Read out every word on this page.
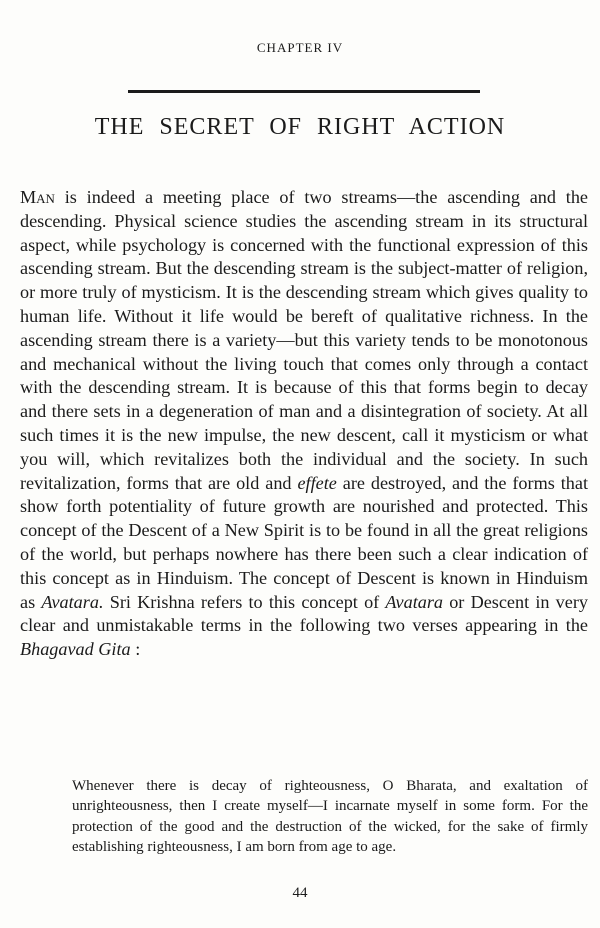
CHAPTER IV
THE SECRET OF RIGHT ACTION
Man is indeed a meeting place of two streams—the ascending and the descending. Physical science studies the ascending stream in its structural aspect, while psychology is concerned with the functional expression of this ascending stream. But the descending stream is the subject-matter of religion, or more truly of mysticism. It is the descending stream which gives quality to human life. Without it life would be bereft of qualitative richness. In the ascending stream there is a variety—but this variety tends to be monotonous and mechanical without the living touch that comes only through a contact with the descending stream. It is because of this that forms begin to decay and there sets in a degeneration of man and a disintegration of society. At all such times it is the new impulse, the new descent, call it mysticism or what you will, which revitalizes both the individual and the society. In such revitalization, forms that are old and effete are destroyed, and the forms that show forth potentiality of future growth are nourished and protected. This concept of the Descent of a New Spirit is to be found in all the great religions of the world, but perhaps nowhere has there been such a clear indication of this concept as in Hinduism. The concept of Descent is known in Hinduism as Avatara. Sri Krishna refers to this concept of Avatara or Descent in very clear and unmistakable terms in the following two verses appearing in the Bhagavad Gita :
Whenever there is decay of righteousness, O Bharata, and exaltation of unrighteousness, then I create myself—I incarnate myself in some form. For the protection of the good and the destruction of the wicked, for the sake of firmly establishing righteousness, I am born from age to age.
44
